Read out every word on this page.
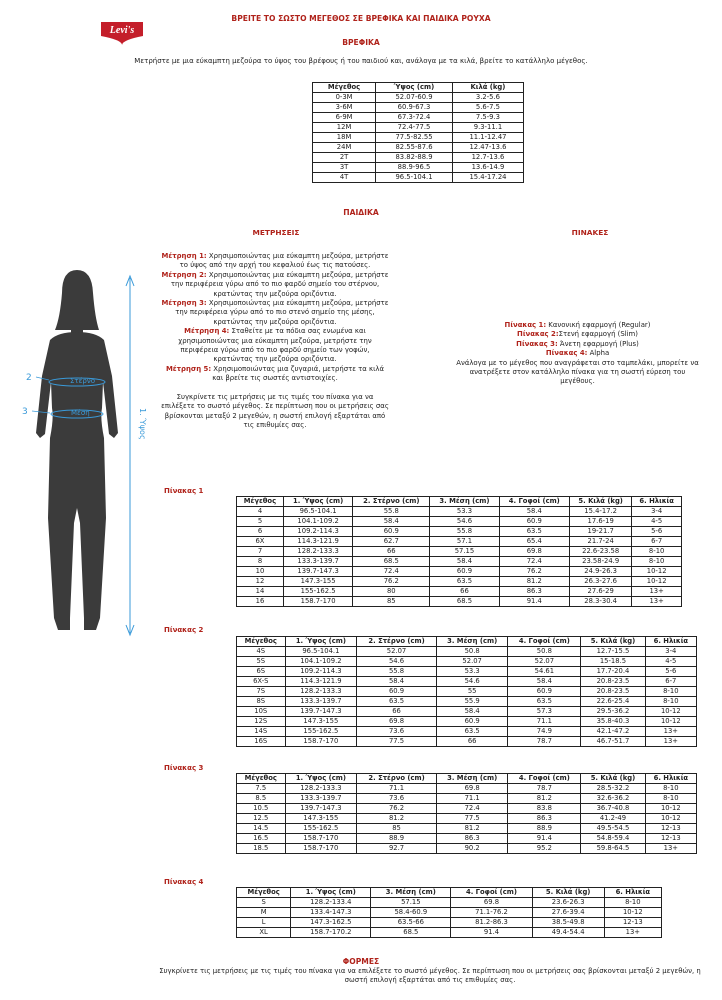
Levi's
ΒΡΕΙΤΕ ΤΟ ΣΩΣΤΟ ΜΕΓΕΘΟΣ ΣΕ ΒΡΕΦΙΚΑ ΚΑΙ ΠΑΙΔΙΚΑ ΡΟΥΧΑ
ΒΡΕΦΙΚΑ
Μετρήστε με μια εύκαμπτη μεζούρα το ύψος του βρέφους ή του παιδιού και, ανάλογα με τα κιλά, βρείτε το κατάλληλο μέγεθος.
Μέγεθος	Ύψος (cm)	Κιλά (kg)
0-3M	52.07-60.9	3.2-5.6
3-6M	60.9-67.3	5.6-7.5
6-9M	67.3-72.4	7.5-9.3
12M	72.4-77.5	9.3-11.1
18M	77.5-82.55	11.1-12.47
24M	82.55-87.6	12.47-13.6
2T	83.82-88.9	12.7-13.6
3T	88.9-96.5	13.6-14.9
4T	96.5-104.1	15.4-17.24
ΠΑΙΔΙΚΑ
ΜΕΤΡΗΣΕΙΣ	ΠΙΝΑΚΕΣ
Μέτρηση 1: Χρησιμοποιώντας μια εύκαμπτη μεζούρα, μετρήστε το ύψος από την αρχή του κεφαλιού έως τις πατούσες.
Μέτρηση 2: Χρησιμοποιώντας μια εύκαμπτη μεζούρα, μετρήστε την περιφέρεια γύρω από το πιο φαρδύ σημείο του στέρνου, κρατώντας την μεζούρα οριζόντια.
Μέτρηση 3: Χρησιμοποιώντας μια εύκαμπτη μεζούρα, μετρήστε την περιφέρεια γύρω από το πιο στενό σημείο της μέσης, κρατώντας την μεζούρα οριζόντια.
Μέτρηση 4: Σταθείτε με τα πόδια σας ενωμένα και χρησιμοποιώντας μια εύκαμπτη μεζούρα, μετρήστε την περιφέρεια γύρω από το πιο φαρδύ σημείο των γοφών, κρατώντας την μεζούρα οριζόντια.
Μέτρηση 5: Χρησιμοποιώντας μια ζυγαριά, μετρήστε τα κιλά και βρείτε τις σωστές αντιστοιχίες.
Συγκρίνετε τις μετρήσεις με τις τιμές του πίνακα για να επιλέξετε το σωστό μέγεθος. Σε περίπτωση που οι μετρήσεις σας βρίσκονται μεταξύ 2 μεγεθών, η σωστή επιλογή εξαρτάται από τις επιθυμίες σας.
Πίνακας 1: Κανονική εφαρμογή (Regular)
Πίνακας 2:Στενή εφαρμογή (Slim)
Πίνακας 3: Άνετη εφαρμογή (Plus)
Πίνακας 4: Alpha
Ανάλογα με το μέγεθος που αναγράφεται στο ταμπελάκι, μπορείτε να ανατρέξετε στον κατάλληλο πίνακα για τη σωστή εύρεση του μεγέθους.
2
3
Στέρνο
Μέση	1. Ύψος
Πίνακας 1
Μέγεθος	1. Ύψος (cm)	2. Στέρνο (cm)	3. Μέση (cm)	4. Γοφοί (cm)	5. Κιλά (kg)	6. Ηλικία
4	96.5-104.1	55.8	53.3	58.4	15.4-17.2	3-4
5	104.1-109.2	58.4	54.6	60.9	17.6-19	4-5
6	109.2-114.3	60.9	55.8	63.5	19-21.7	5-6
6X	114.3-121.9	62.7	57.1	65.4	21.7-24	6-7
7	128.2-133.3	66	57.15	69.8	22.6-23.58	8-10
8	133.3-139.7	68.5	58.4	72.4	23.58-24.9	8-10
10	139.7-147.3	72.4	60.9	76.2	24.9-26.3	10-12
12	147.3-155	76.2	63.5	81.2	26.3-27.6	10-12
14	155-162.5	80	66	86.3	27.6-29	13+
16	158.7-170	85	68.5	91.4	28.3-30.4	13+
Πίνακας 2
Μέγεθος	1. Ύψος (cm)	2. Στέρνο (cm)	3. Μέση (cm)	4. Γοφοί (cm)	5. Κιλά (kg)	6. Ηλικία
4S	96.5-104.1	52.07	50.8	50.8	12.7-15.5	3-4
5S	104.1-109.2	54.6	52.07	52.07	15-18.5	4-5
6S	109.2-114.3	55.8	53.3	54.61	17.7-20.4	5-6
6X-S	114.3-121.9	58.4	54.6	58.4	20.8-23.5	6-7
7S	128.2-133.3	60.9	55	60.9	20.8-23.5	8-10
8S	133.3-139.7	63.5	55.9	63.5	22.6-25.4	8-10
10S	139.7-147.3	66	58.4	57.3	29.5-36.2	10-12
12S	147.3-155	69.8	60.9	71.1	35.8-40.3	10-12
14S	155-162.5	73.6	63.5	74.9	42.1-47.2	13+
16S	158.7-170	77.5	66	78.7	46.7-51.7	13+
Πίνακας 3
Μέγεθος	1. Ύψος (cm)	2. Στέρνο (cm)	3. Μέση (cm)	4. Γοφοί (cm)	5. Κιλά (kg)	6. Ηλικία
7.5	128.2-133.3	71.1	69.8	78.7	28.5-32.2	8-10
8.5	133.3-139.7	73.6	71.1	81.2	32.6-36.2	8-10
10.5	139.7-147.3	76.2	72.4	83.8	36.7-40.8	10-12
12.5	147.3-155	81.2	77.5	86.3	41.2-49	10-12
14.5	155-162.5	85	81.2	88.9	49.5-54.5	12-13
16.5	158.7-170	88.9	86.3	91.4	54.8-59.4	12-13
18.5	158.7-170	92.7	90.2	95.2	59.8-64.5	13+
Πίνακας 4
Μέγεθος	1. Ύψος (cm)	3. Μέση (cm)	4. Γοφοί (cm)	5. Κιλά (kg)	6. Ηλικία
S	128.2-133.4	57.15	69.8	23.6-26.3	8-10
M	133.4-147.3	58.4-60.9	71.1-76.2	27.6-39.4	10-12
L	147.3-162.5	63.5-66	81.2-86.3	38.5-49.8	12-13
XL	158.7-170.2	68.5	91.4	49.4-54.4	13+
ΦΟΡΜΕΣ
Συγκρίνετε τις μετρήσεις με τις τιμές του πίνακα για να επιλέξετε το σωστό μέγεθος. Σε περίπτωση που οι μετρήσεις σας βρίσκονται μεταξύ 2 μεγεθών, η σωστή επιλογή εξαρτάται από τις επιθυμίες σας.
